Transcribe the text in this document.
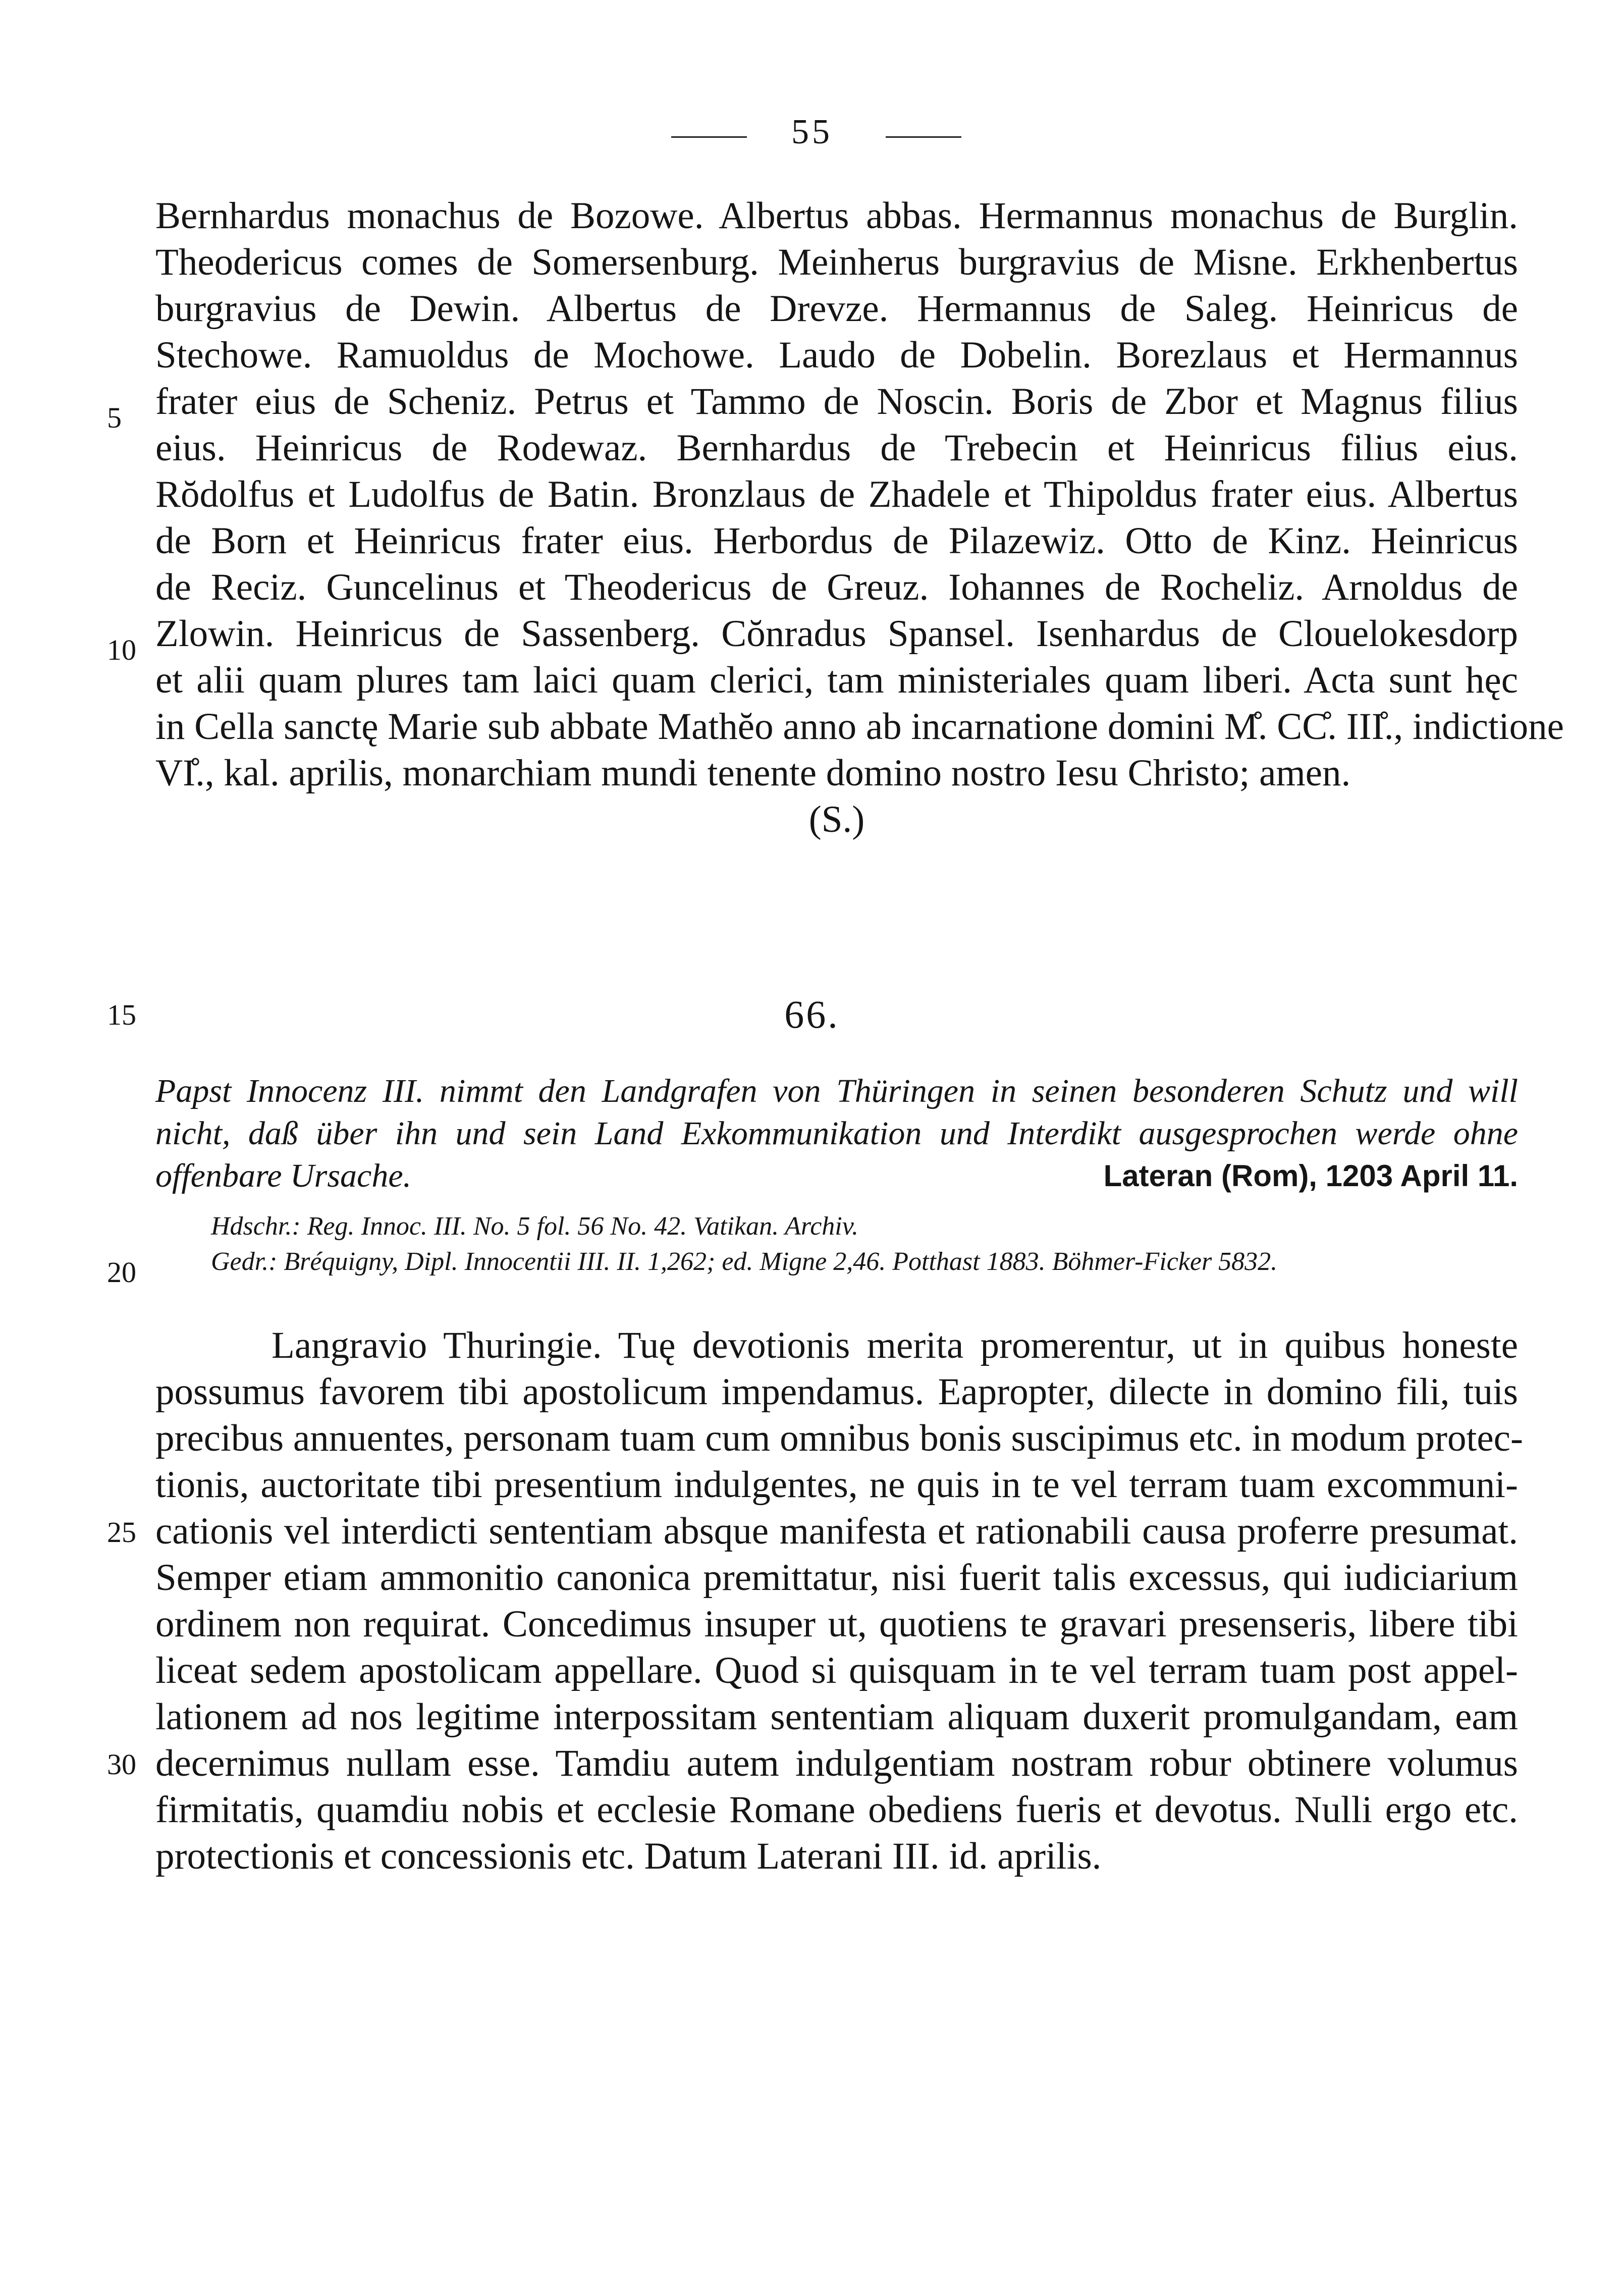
55
Bernhardus monachus de Bozowe. Albertus abbas. Hermannus monachus de Burglin.
Theodericus comes de Somersenburg. Meinherus burgravius de Misne. Erkhenbertus
burgravius de Dewin. Albertus de Drevze. Hermannus de Saleg. Heinricus de
Stechowe. Ramuoldus de Mochowe. Laudo de Dobelin. Borezlaus et Hermannus
frater eius de Scheniz. Petrus et Tammo de Noscin. Boris de Zbor et Magnus filius
eius. Heinricus de Rodewaz. Bernhardus de Trebecin et Heinricus filius eius.
Rŏdolfus et Ludolfus de Batin. Bronzlaus de Zhadele et Thipoldus frater eius. Albertus
de Born et Heinricus frater eius. Herbordus de Pilazewiz. Otto de Kinz. Heinricus
de Reciz. Guncelinus et Theodericus de Greuz. Iohannes de Rocheliz. Arnoldus de
Zlowin. Heinricus de Sassenberg. Cŏnradus Spansel. Isenhardus de Clouelokesdorp
et alii quam plures tam laici quam clerici, tam ministeriales quam liberi. Acta sunt hęc
in Cella sanctę Marie sub abbate Mathĕo anno ab incarnatione domini M̊. CC̊. III̊., indictione
VI̊., kal. aprilis, monarchiam mundi tenente domino nostro Iesu Christo; amen.
(S.)
5
10
15
20
25
30
66.
Papst Innocenz III. nimmt den Landgrafen von Thüringen in seinen besonderen Schutz und will
nicht, daß über ihn und sein Land Exkommunikation und Interdikt ausgesprochen werde ohne
offenbare Ursache.	Lateran (Rom), 1203 April 11.
Hdschr.: Reg. Innoc. III. No. 5 fol. 56 No. 42. Vatikan. Archiv.
Gedr.: Bréquigny, Dipl. Innocentii III. II. 1,262; ed. Migne 2,46. Potthast 1883. Böhmer-Ficker 5832.
Langravio Thuringie. Tuę devotionis merita promerentur, ut in quibus honeste
possumus favorem tibi apostolicum impendamus. Eapropter, dilecte in domino fili, tuis
precibus annuentes, personam tuam cum omnibus bonis suscipimus etc. in modum protec-
tionis, auctoritate tibi presentium indulgentes, ne quis in te vel terram tuam excommuni-
cationis vel interdicti sententiam absque manifesta et rationabili causa proferre presumat.
Semper etiam ammonitio canonica premittatur, nisi fuerit talis excessus, qui iudiciarium
ordinem non requirat. Concedimus insuper ut, quotiens te gravari presenseris, libere tibi
liceat sedem apostolicam appellare. Quod si quisquam in te vel terram tuam post appel-
lationem ad nos legitime interpossitam sententiam aliquam duxerit promulgandam, eam
decernimus nullam esse. Tamdiu autem indulgentiam nostram robur obtinere volumus
firmitatis, quamdiu nobis et ecclesie Romane obediens fueris et devotus. Nulli ergo etc.
protectionis et concessionis etc. Datum Laterani III. id. aprilis.
